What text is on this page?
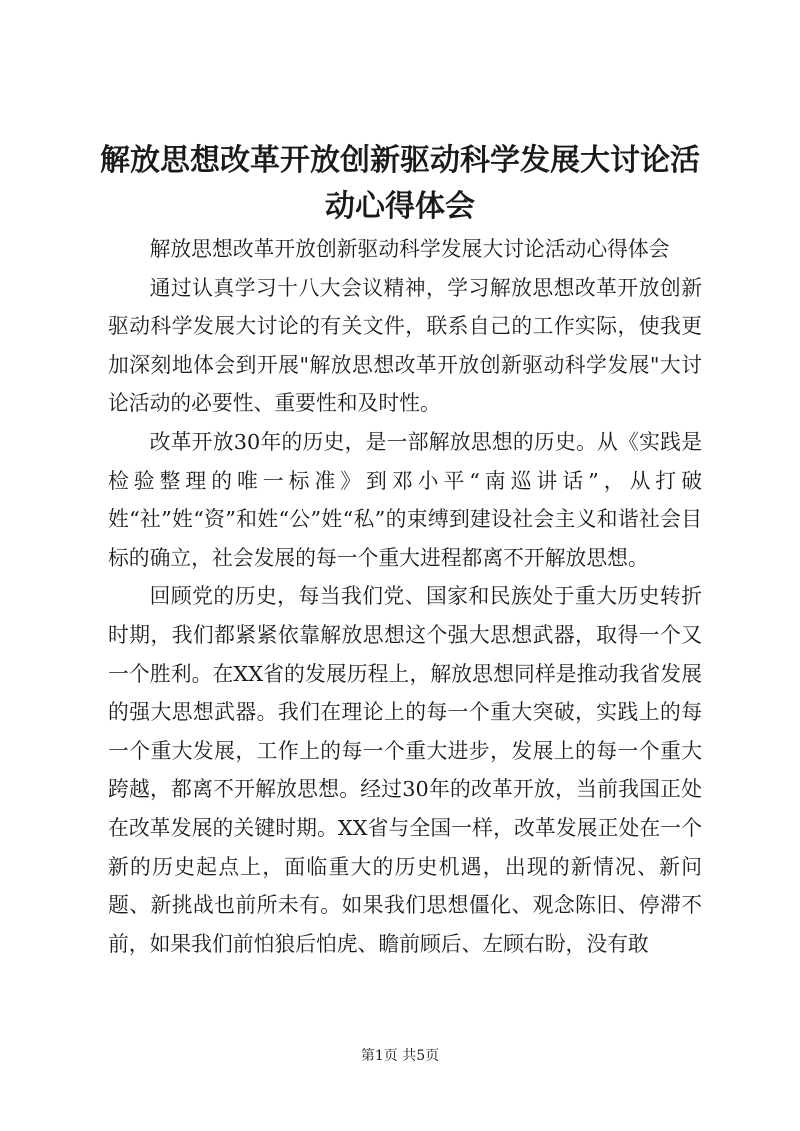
解放思想改革开放创新驱动科学发展大讨论活动心得体会

解放思想改革开放创新驱动科学发展大讨论活动心得体会

通过认真学习十八大会议精神，学习解放思想改革开放创新驱动科学发展大讨论的有关文件，联系自己的工作实际，使我更加深刻地体会到开展"解放思想改革开放创新驱动科学发展"大讨论活动的必要性、重要性和及时性。

改革开放30年的历史，是一部解放思想的历史。从《实践是检验整理的唯一标准》到邓小平“南巡讲话”，从打破姓“社”姓“资”和姓“公”姓“私”的束缚到建设社会主义和谐社会目标的确立，社会发展的每一个重大进程都离不开解放思想。

回顾党的历史，每当我们党、国家和民族处于重大历史转折时期，我们都紧紧依靠解放思想这个强大思想武器，取得一个又一个胜利。在XX省的发展历程上，解放思想同样是推动我省发展的强大思想武器。我们在理论上的每一个重大突破，实践上的每一个重大发展，工作上的每一个重大进步，发展上的每一个重大跨越，都离不开解放思想。经过30年的改革开放，当前我国正处在改革发展的关键时期。XX省与全国一样，改革发展正处在一个新的历史起点上，面临重大的历史机遇，出现的新情况、新问题、新挑战也前所未有。如果我们思想僵化、观念陈旧、停滞不前，如果我们前怕狼后怕虎、瞻前顾后、左顾右盼，没有敢

第1页 共5页
